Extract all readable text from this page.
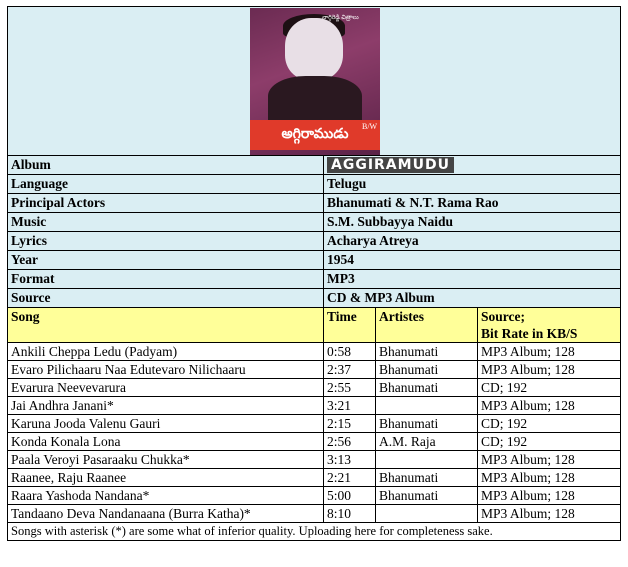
నాగ్గిరెడ్డి చిత్రాలు
అగ్గిరాముడు
B/W			

Album	AGGIRAMUDU		
Language	Telugu		
Principal Actors	Bhanumati & N.T. Rama Rao		
Music	S.M. Subbayya Naidu		
Lyrics	Acharya Atreya		
Year	1954		
Format	MP3		
Source	CD & MP3 Album		
Song	Time	Artistes	Source;
Bit Rate in KB/S

Ankili Cheppa Ledu (Padyam)	0:58	Bhanumati	MP3 Album; 128
Evaro Pilichaaru Naa Edutevaro Nilichaaru	2:37	Bhanumati	MP3 Album; 128
Evarura Neevevarura	2:55	Bhanumati	CD; 192
Jai Andhra Janani*	3:21		MP3 Album; 128
Karuna Jooda Valenu Gauri	2:15	Bhanumati	CD; 192
Konda Konala Lona	2:56	A.M. Raja	CD; 192
Paala Veroyi Pasaraaku Chukka*	3:13		MP3 Album; 128
Raanee, Raju Raanee	2:21	Bhanumati	MP3 Album; 128
Raara Yashoda Nandana*	5:00	Bhanumati	MP3 Album; 128
Tandaano Deva Nandanaana (Burra Katha)*	8:10		MP3 Album; 128
Songs with asterisk (*) are some what of inferior quality. Uploading here for completeness sake.			
